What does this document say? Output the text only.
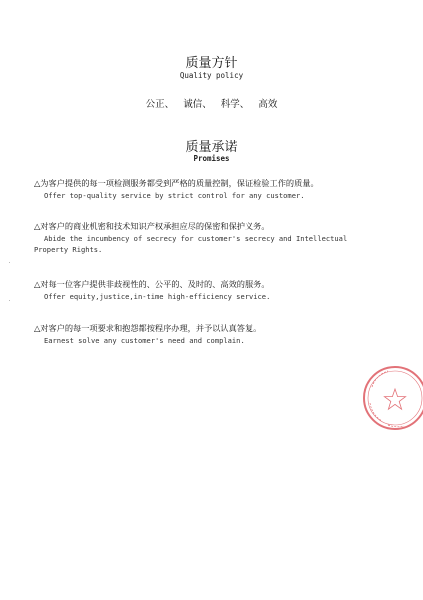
质量方针
Quality policy
公正、 诚信、 科学、 高效
质量承诺
Promises
△为客户提供的每一项检测服务都受到严格的质量控制，保证检验工作的质量。
Offer top-quality service by strict control for any customer.
△对客户的商业机密和技术知识产权承担应尽的保密和保护义务。
Abide the incumbency of secrecy for customer's secrecy and Intellectual
Property Rights.
△对每一位客户提供非歧视性的、公平的、及时的、高效的服务。
Offer equity,justice,in-time high-efficiency service.
△对客户的每一项要求和抱怨都按程序办理，并予以认真答复。
Earnest solve any customer's need and complain.
